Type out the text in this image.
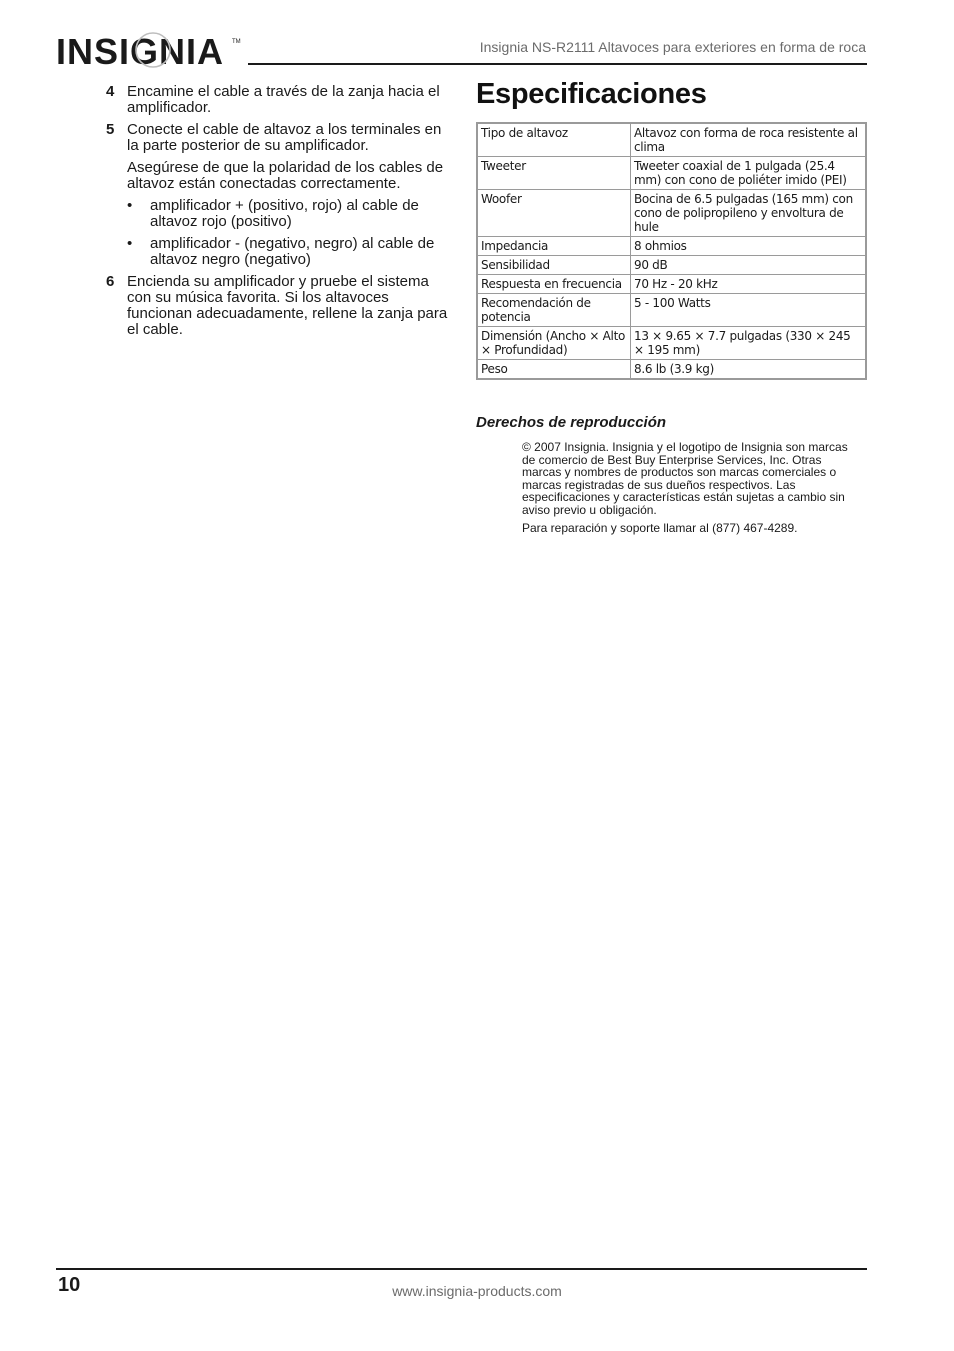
INSIGNIA TM	Insignia NS-R2111 Altavoces para exteriores en forma de roca
4 Encamine el cable a través de la zanja hacia el amplificador.
5 Conecte el cable de altavoz a los terminales en la parte posterior de su amplificador.
Asegúrese de que la polaridad de los cables de altavoz están conectadas correctamente.
• amplificador + (positivo, rojo) al cable de altavoz rojo (positivo)
• amplificador - (negativo, negro) al cable de altavoz negro (negativo)
6 Encienda su amplificador y pruebe el sistema con su música favorita. Si los altavoces funcionan adecuadamente, rellene la zanja para el cable.
Especificaciones
Tipo de altavoz	Altavoz con forma de roca resistente al clima
Tweeter	Tweeter coaxial de 1 pulgada (25.4 mm) con cono de poliéter imido (PEI)
Woofer	Bocina de 6.5 pulgadas (165 mm) con cono de polipropileno y envoltura de hule
Impedancia	8 ohmios
Sensibilidad	90 dB
Respuesta en frecuencia	70 Hz - 20 kHz
Recomendación de potencia	5 - 100 Watts
Dimensión (Ancho × Alto × Profundidad)	13 × 9.65 × 7.7 pulgadas (330 × 245 × 195 mm)
Peso	8.6 lb (3.9 kg)
Derechos de reproducción

© 2007 Insignia. Insignia y el logotipo de Insignia son marcas de comercio de Best Buy Enterprise Services, Inc. Otras marcas y nombres de productos son marcas comerciales o marcas registradas de sus dueños respectivos. Las especificaciones y características están sujetas a cambio sin aviso previo u obligación.

Para reparación y soporte llamar al (877) 467-4289.

10	www.insignia-products.com
